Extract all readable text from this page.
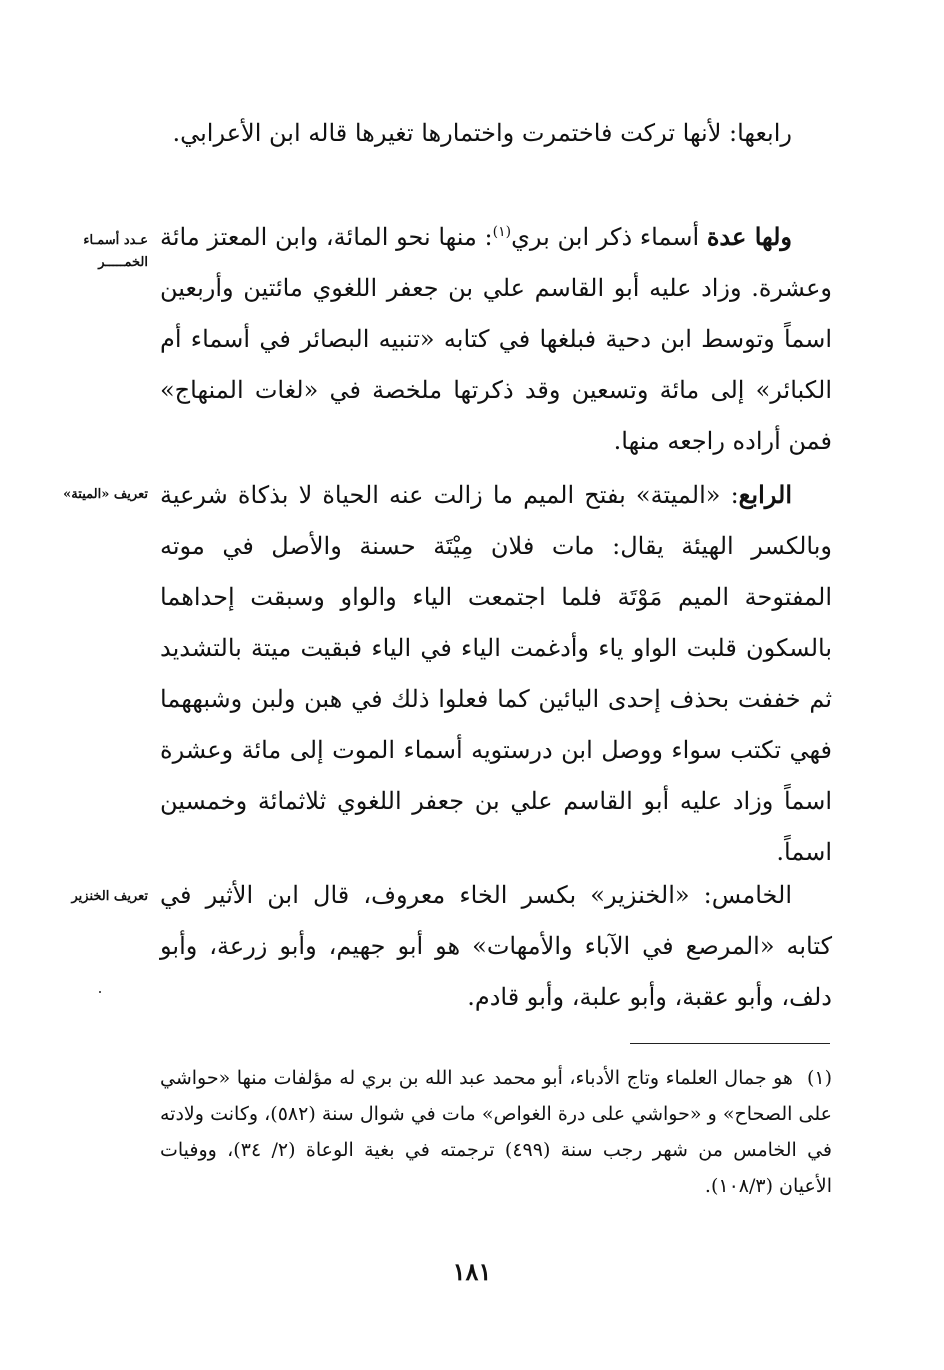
رابعها: لأنها تركت فاختمرت واختمارها تغيرها قاله ابن الأعرابي.

ولها عدة أسماء ذكر ابن بري$^{(١)}$: منها نحو المائة، وابن المعتز مائة وعشرة. وزاد عليه أبو القاسم علي بن جعفر اللغوي مائتين وأربعين اسماً وتوسط ابن دحية فبلغها في كتابه «تنبيه البصائر في أسماء أم الكبائر» إلى مائة وتسعين وقد ذكرتها ملخصة في «لغات المنهاج» فمن أراده راجعه منها.

الرابع: «الميتة» بفتح الميم ما زالت عنه الحياة لا بذكاة شرعية وبالكسر الهيئة يقال: مات فلان مِيْتَة حسنة والأصل في موته المفتوحة الميم مَوْتَة فلما اجتمعت الياء والواو وسبقت إحداهما بالسكون قلبت الواو ياء وأدغمت الياء في الياء فبقيت ميتة بالتشديد ثم خففت بحذف إحدى اليائين كما فعلوا ذلك في هبن ولبن وشبههما فهي تكتب سواء ووصل ابن درستويه أسماء الموت إلى مائة وعشرة اسماً وزاد عليه أبو القاسم علي بن جعفر اللغوي ثلاثمائة وخمسين اسماً.

الخامس: «الخنزير» بكسر الخاء معروف، قال ابن الأثير في كتابه «المرصع في الآباء والأمهات» هو أبو جهيم، وأبو زرعة، وأبو دلف، وأبو عقبة، وأبو علبة، وأبو قادم.

عـدد أسمـاء
الخمـــــر
تعريف «الميتة»
تعريف الخنزير

(١)هو جمال العلماء وتاج الأدباء، أبو محمد عبد الله بن بري له مؤلفات منها «حواشي على الصحاح» و «حواشي على درة الغواص» مات في شوال سنة (٥٨٢)، وكانت ولادته في الخامس من شهر رجب سنة (٤٩٩) ترجمته في بغية الوعاة (٢/ ٣٤)، ووفيات الأعيان (١٠٨/٣).

١٨١
